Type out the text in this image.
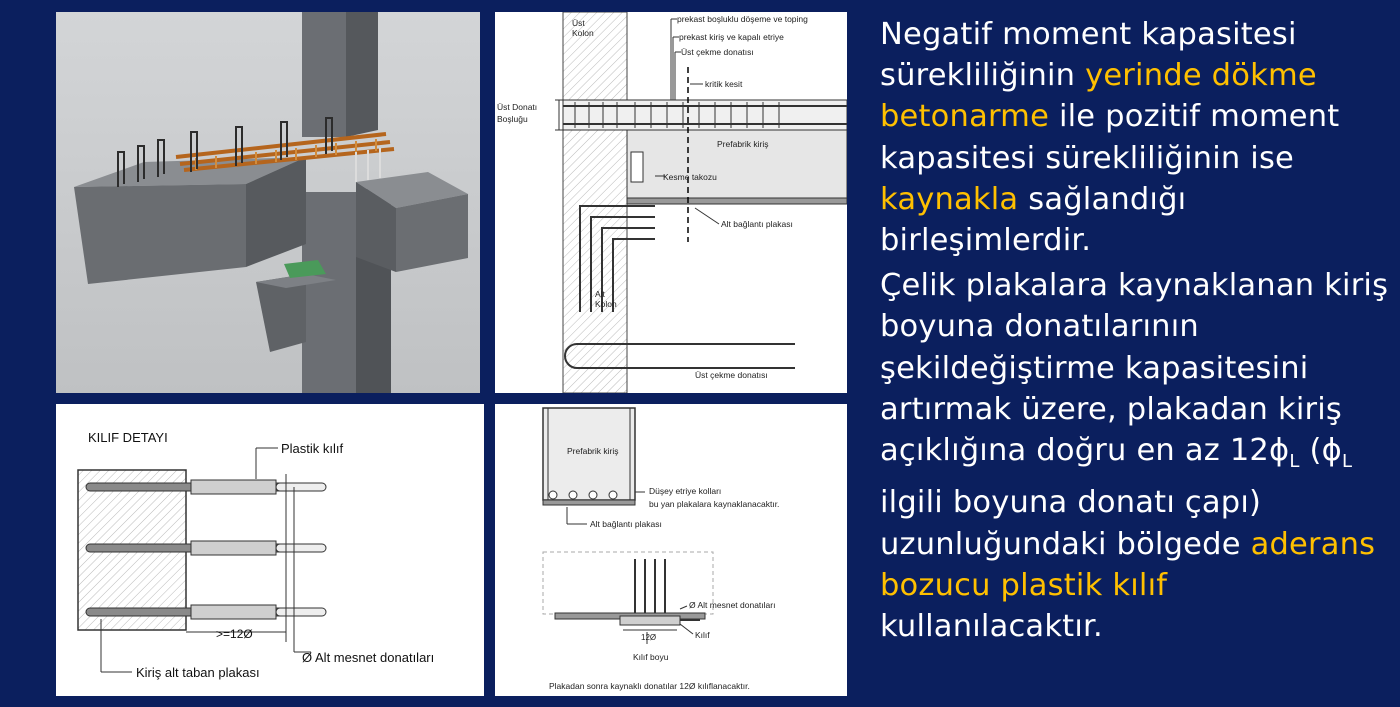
Üst
Kolon
prekast boşluklu döşeme ve toping
prekast kiriş ve kapalı etriye
Üst çekme donatısı
kritik kesit
Üst Donatı
Boşluğu
Prefabrik kiriş
Kesme takozu
Alt bağlantı plakası
Alt
Kolon
Üst çekme donatısı
KILIF DETAYI
Plastik kılıf
>=12Ø
Ø Alt mesnet donatıları
Kiriş alt taban plakası
Prefabrik kiriş
Düşey etriye kolları
bu yan plakalara kaynaklanacaktır.
Alt bağlantı plakası
Ø Alt mesnet donatıları
12Ø	Kılıf
Kılıf boyu
Plakadan sonra kaynaklı donatılar 12Ø kılıflanacaktır.

Negatif moment kapasitesi sürekliliğinin yerinde dökme betonarme ile pozitif moment kapasitesi sürekliliğinin ise kaynakla sağlandığı birleşimlerdir.

Çelik plakalara kaynaklanan kiriş boyuna donatılarının şekildeğiştirme kapasitesini artırmak üzere, plakadan kiriş açıklığına doğru en az $12\phi_L$ ($\phi_L$ ilgili boyuna donatı çapı) uzunluğundaki bölgede aderans bozucu plastik kılıf kullanılacaktır.
